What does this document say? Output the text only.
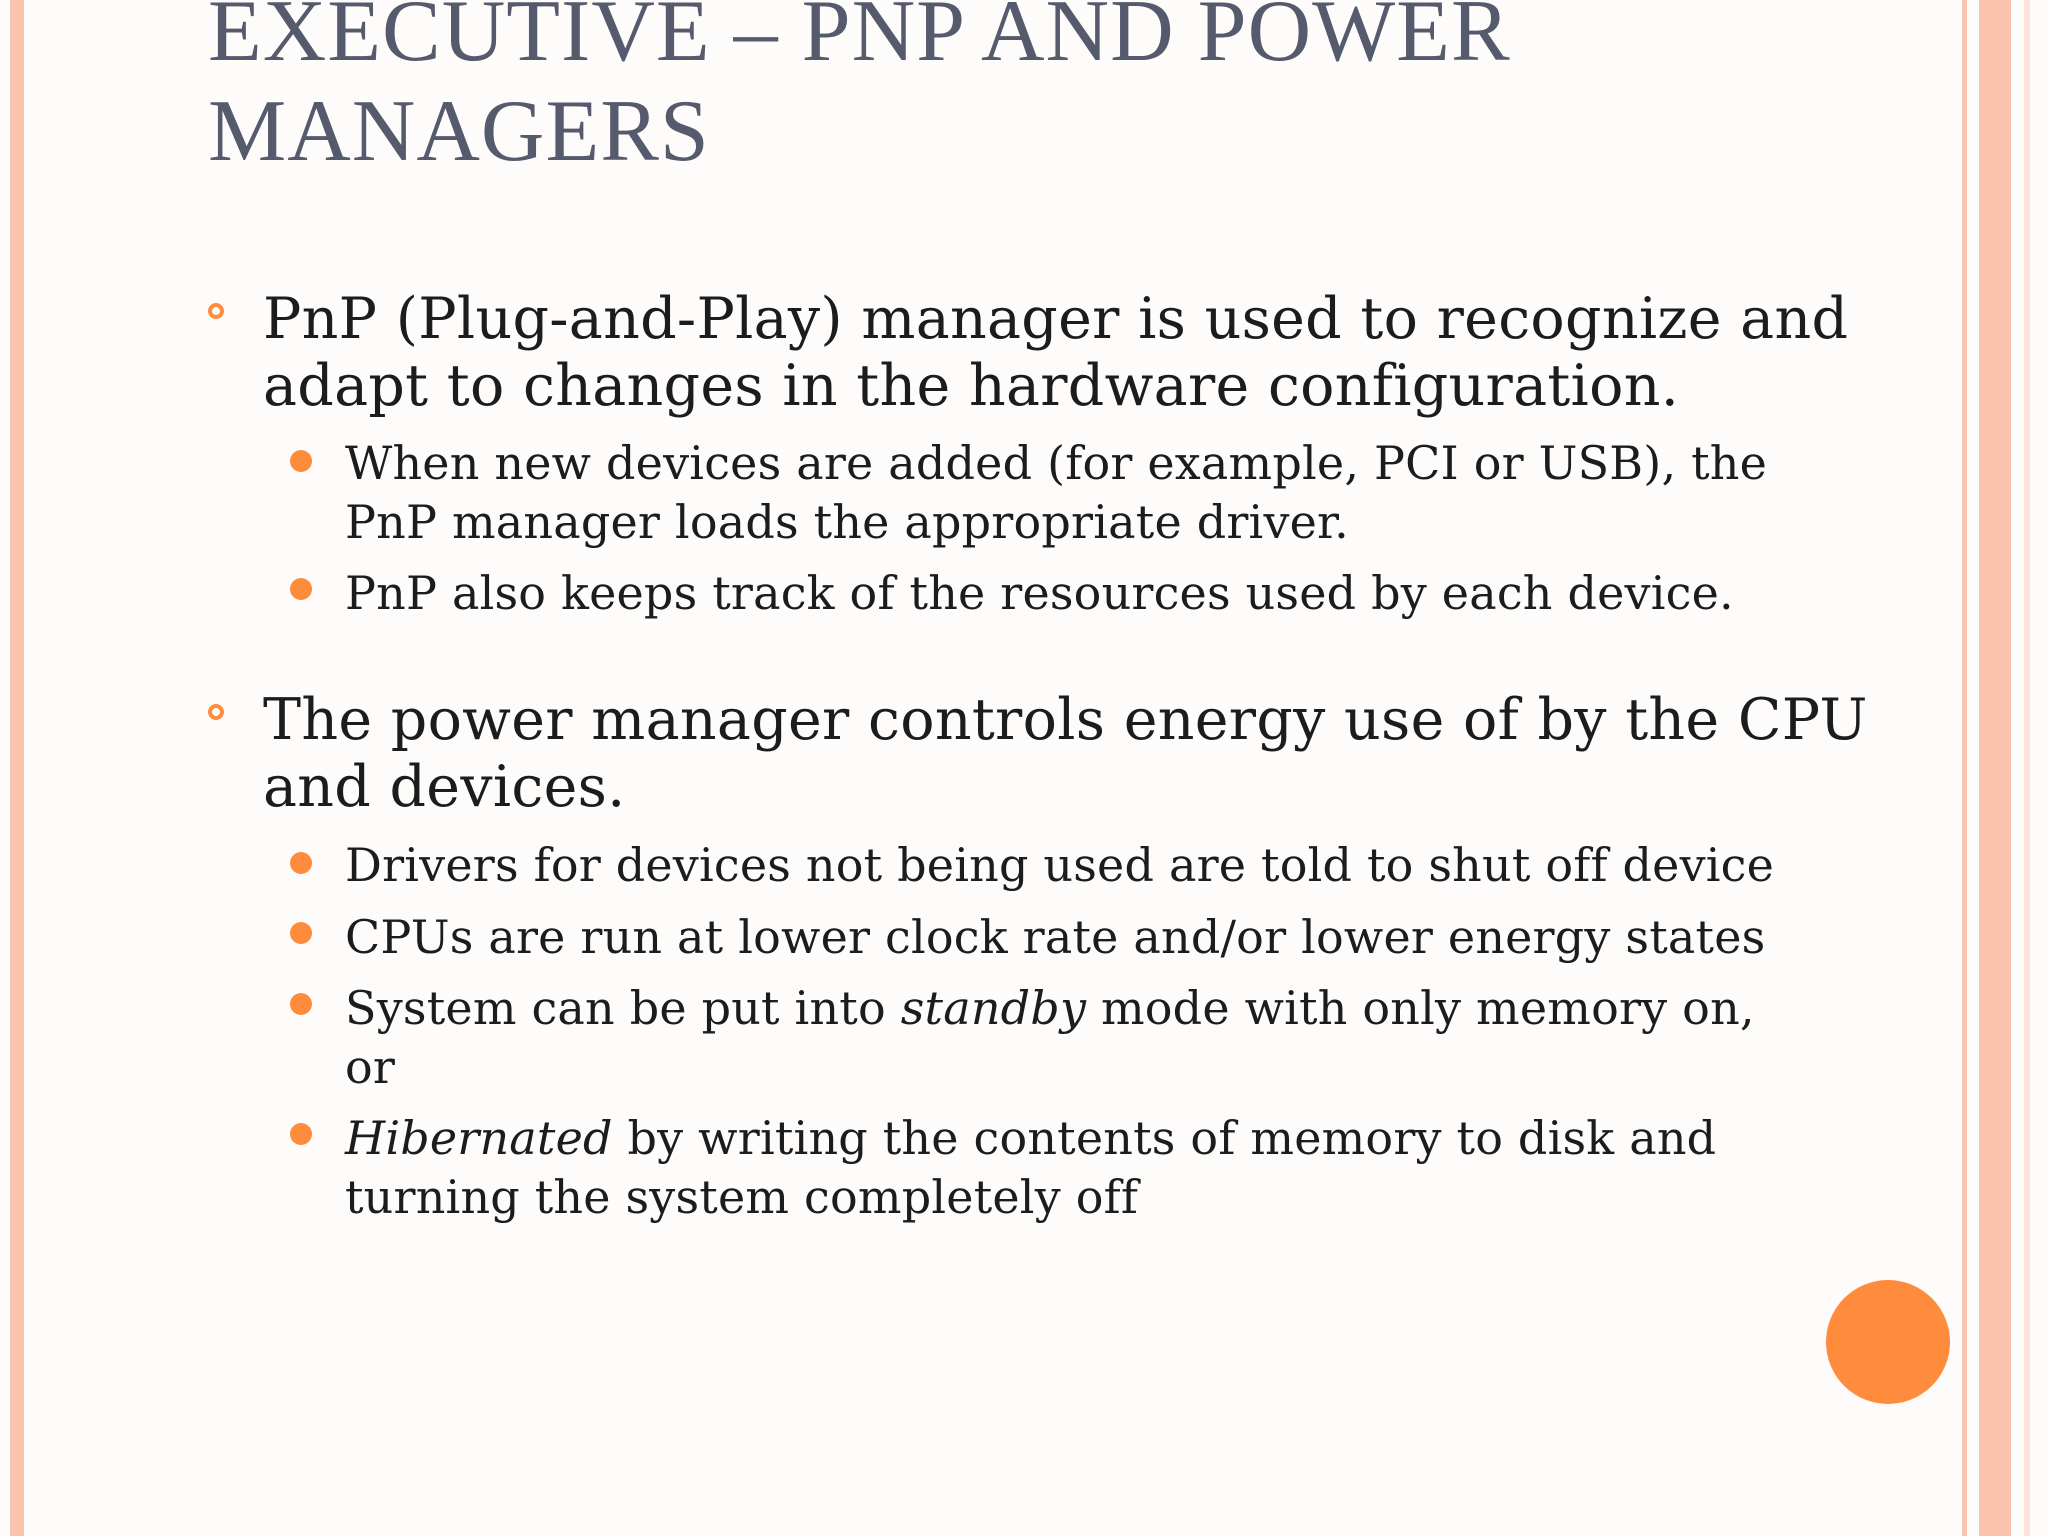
EXECUTIVE – PNP AND POWER
MANAGERS
PnP (Plug-and-Play) manager is used to recognize and
adapt to changes in the hardware configuration.
When new devices are added (for example, PCI or USB), the
PnP manager loads the appropriate driver.
PnP also keeps track of the resources used by each device.
The power manager controls energy use of by the CPU
and devices.
Drivers for devices not being used are told to shut off device
CPUs are run at lower clock rate and/or lower energy states
System can be put into standby mode with only memory on,
or
Hibernated by writing the contents of memory to disk and
turning the system completely off
